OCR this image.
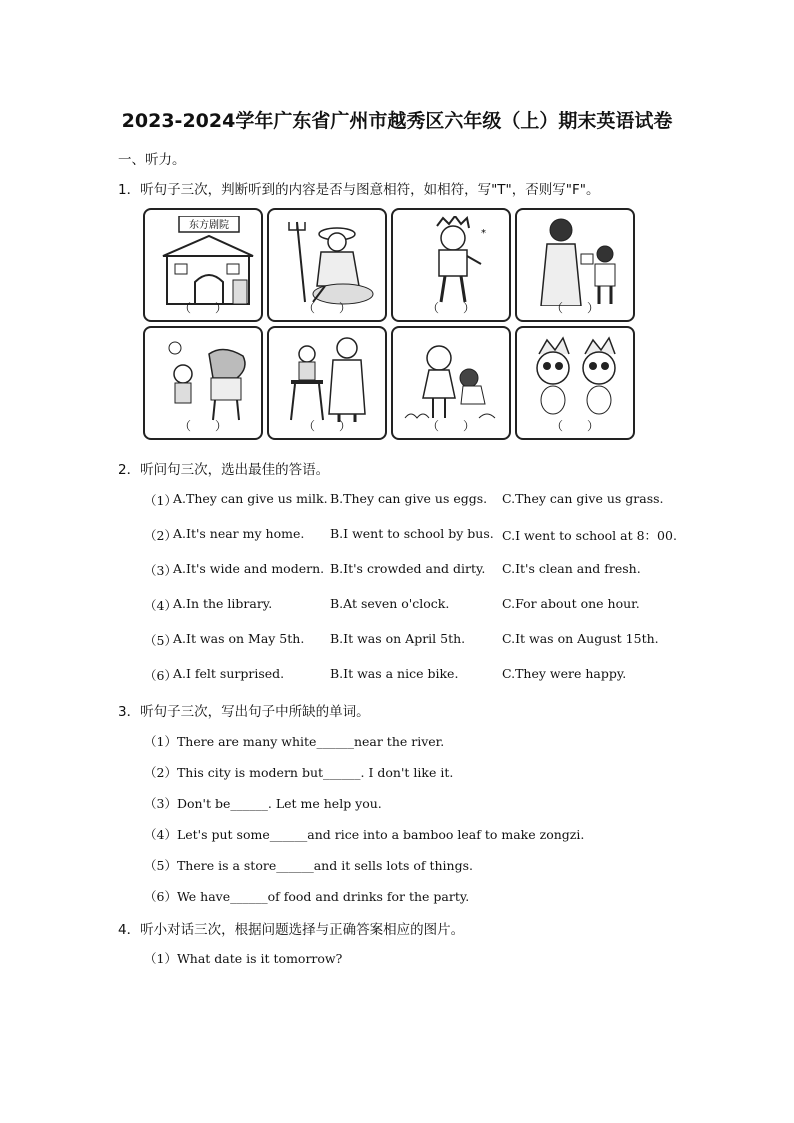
2023-2024学年广东省广州市越秀区六年级（上）期末英语试卷
一、听力。
1．听句子三次，判断听到的内容是否与图意相符，如相符，写"T"，否则写"F"。
东方剧院
（　　）	（　　）
*
（　　）	（　　）
（　　）	（　　）	（　　）	（　　）
2．听问句三次，选出最佳的答语。
（1）
A.They can give us milk. B.They can give us eggs. C.They can give us grass.
（2）
A.It's near my home. B.I went to school by bus. C.I went to school at 8：00.
（3）
A.It's wide and modern. B.It's crowded and dirty. C.It's clean and fresh.
（4）
A.In the library.	B.At seven o'clock.	C.For about one hour.
（5）
A.It was on May 5th. B.It was on April 5th.	C.It was on August 15th.
（6）
A.I felt surprised.	B.It was a nice bike.	C.They were happy.
3．听句子三次，写出句子中所缺的单词。
（1）There are many white______near the river.
（2）This city is modern but______. I don't like it.
（3）Don't be______. Let me help you.
（4）Let's put some______and rice into a bamboo leaf to make zongzi.
（5）There is a store______and it sells lots of things.
（6）We have______of food and drinks for the party.
4．听小对话三次，根据问题选择与正确答案相应的图片。
（1）What date is it tomorrow?
